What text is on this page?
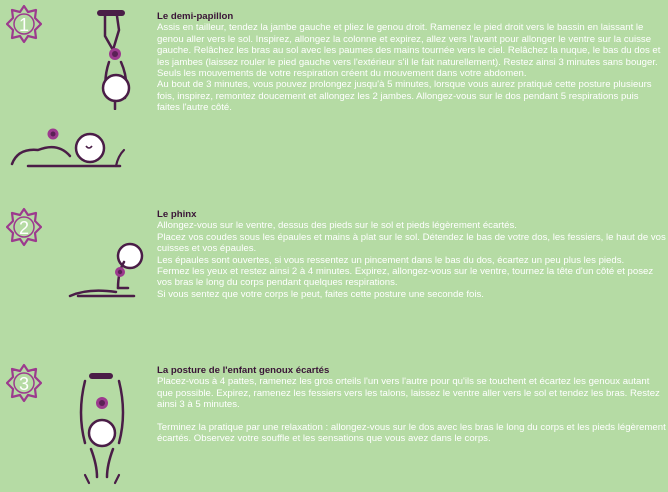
1	Le demi-papillon

Assis en tailleur, tendez la jambe gauche et pliez le genou droit. Ramenez le pied droit vers le bassin en laissant le genou aller vers le sol. Inspirez, allongez la colonne et expirez, allez vers l'avant pour allonger le ventre sur la cuisse gauche. Relâchez les bras au sol avec les paumes des mains tournée vers le ciel. Relâchez la nuque, le bas du dos et les jambes (laissez rouler le pied gauche vers l'extérieur s'il le fait naturellement). Restez ainsi 3 minutes sans bouger. Seuls les mouvements de votre respiration créent du mouvement dans votre abdomen.

Au bout de 3 minutes, vous pouvez prolongez jusqu'à 5 minutes, lorsque vous aurez pratiqué cette posture plusieurs fois, inspirez, remontez doucement et allongez les 2 jambes. Allongez-vous sur le dos pendant 5 respirations puis faites l'autre côté.

2
Le phinx

Allongez-vous sur le ventre, dessus des pieds sur le sol et pieds légèrement écartés.

Placez vos coudes sous les épaules et mains à plat sur le sol. Détendez le bas de votre dos, les fessiers, le haut de vos cuisses et vos épaules.

Les épaules sont ouvertes, si vous ressentez un pincement dans le bas du dos, écartez un peu plus les pieds.

Fermez les yeux et restez ainsi 2 à 4 minutes. Expirez, allongez-vous sur le ventre, tournez la tête d'un côté et posez vos bras le long du corps pendant quelques respirations.

Si vous sentez que votre corps le peut, faites cette posture une seconde fois.

3
La posture de l'enfant genoux écartés

Placez-vous à 4 pattes, ramenez les gros orteils l'un vers l'autre pour qu'ils se touchent et écartez les genoux autant que possible. Expirez, ramenez les fessiers vers les talons, laissez le ventre aller vers le sol et tendez les bras. Restez ainsi 3 à 5 minutes.

Terminez la pratique par une relaxation : allongez-vous sur le dos avec les bras le long du corps et les pieds légèrement écartés. Observez votre souffle et les sensations que vous avez dans le corps.
